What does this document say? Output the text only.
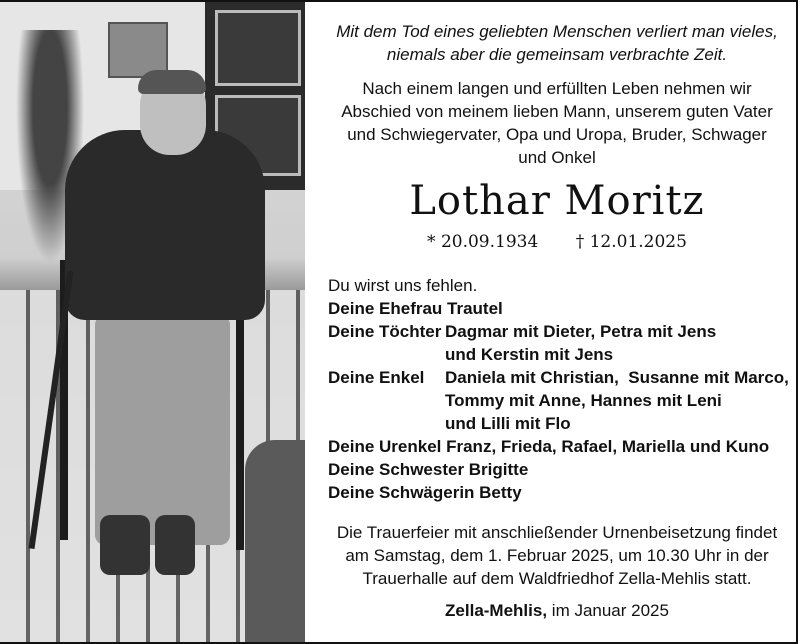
Mit dem Tod eines geliebten Menschen verliert man vieles,

niemals aber die gemeinsam verbrachte Zeit.

Nach einem langen und erfüllten Leben nehmen wir

Abschied von meinem lieben Mann, unserem guten Vater

und Schwiegervater, Opa und Uropa, Bruder, Schwager

und Onkel

Lothar Moritz
* 20.09.1934 † 12.01.2025
Du wirst uns fehlen.
Deine Ehefrau Trautel
Deine Töchter Dagmar mit Dieter, Petra mit Jens
und Kerstin mit Jens
Deine Enkel	Daniela mit Christian,  Susanne mit Marco,
Tommy mit Anne, Hannes mit Leni
und Lilli mit Flo
Deine Urenkel Franz, Frieda, Rafael, Mariella und Kuno
Deine Schwester Brigitte
Deine Schwägerin Betty

Die Trauerfeier mit anschließender Urnenbeisetzung findet

am Samstag, dem 1. Februar 2025, um 10.30 Uhr in der

Trauerhalle auf dem Waldfriedhof Zella-Mehlis statt.

Zella-Mehlis, im Januar 2025
